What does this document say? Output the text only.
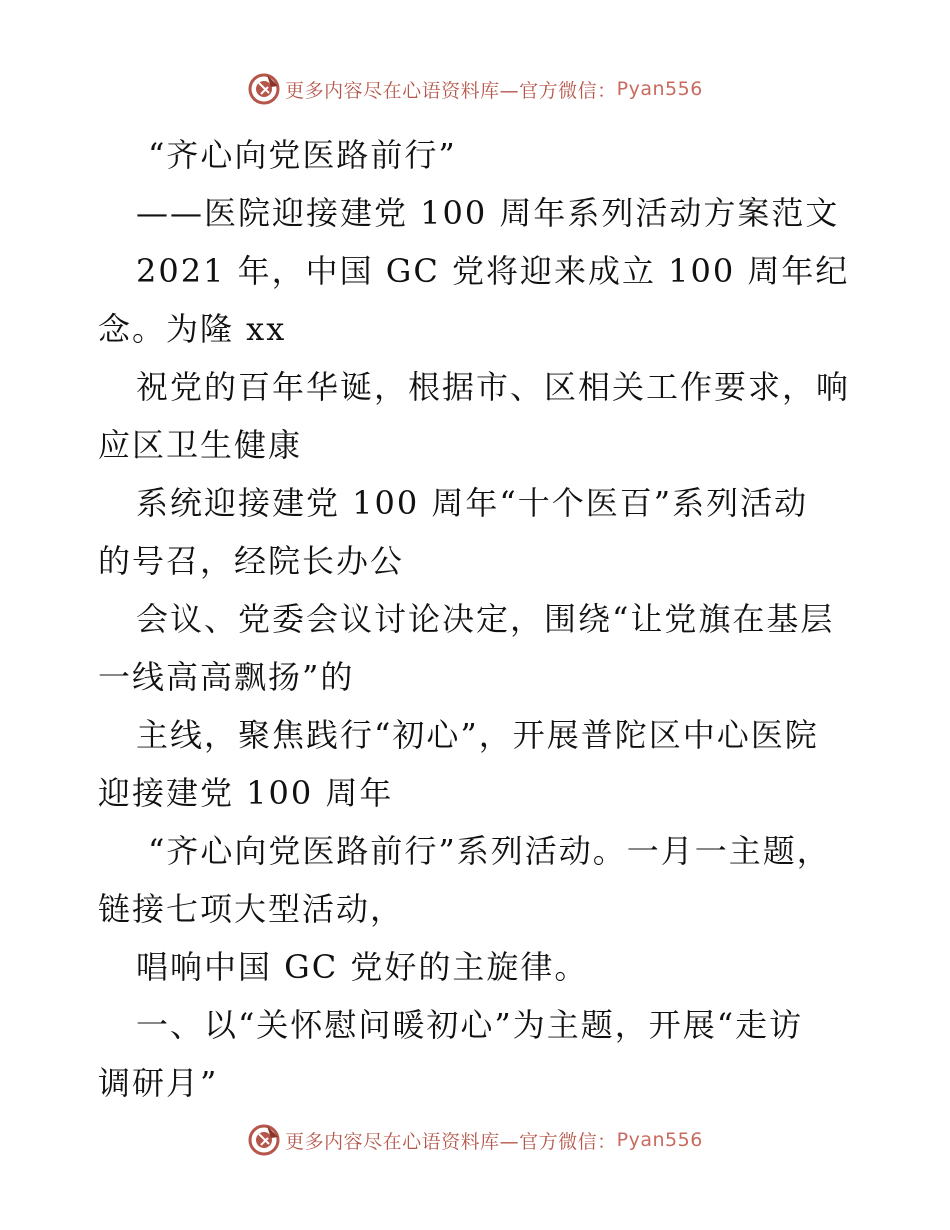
更多内容尽在心语资料库—官方微信： Pyan556
“齐心向党医路前行”
——医院迎接建党 100 周年系列活动方案范文
2021 年，中国 GC 党将迎来成立 100 周年纪
念。为隆 xx
祝党的百年华诞，根据市、区相关工作要求，响
应区卫生健康
系统迎接建党 100 周年“十个医百”系列活动
的号召，经院长办公
会议、党委会议讨论决定，围绕“让党旗在基层
一线高高飘扬”的
主线，聚焦践行“初心”，开展普陀区中心医院
迎接建党 100 周年
“齐心向党医路前行”系列活动。一月一主题，
链接七项大型活动，
唱响中国 GC 党好的主旋律。
一、以“关怀慰问暖初心”为主题，开展“走访
调研月”
更多内容尽在心语资料库—官方微信： Pyan556
